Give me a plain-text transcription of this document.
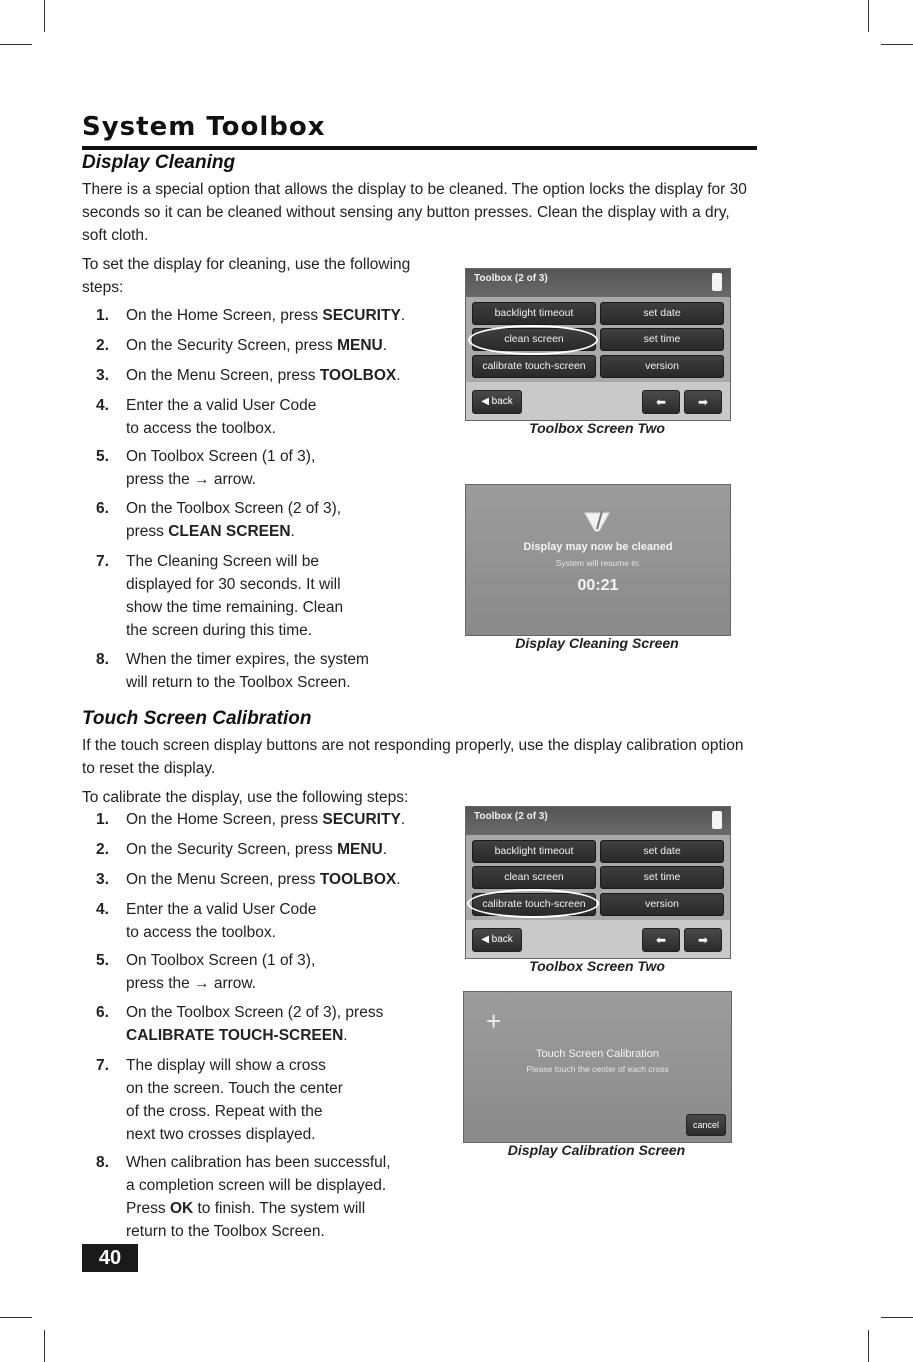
System Toolbox
Display Cleaning
There is a special option that allows the display to be cleaned. The option locks the display for 30 seconds so it can be cleaned without sensing any button presses. Clean the display with a dry, soft cloth.
To set the display for cleaning, use the following steps:
1. On the Home Screen, press SECURITY.
2. On the Security Screen, press MENU.
3. On the Menu Screen, press TOOLBOX.
4. Enter the a valid User Code
to access the toolbox.
5. On Toolbox Screen (1 of 3),
press the → arrow.
6. On the Toolbox Screen (2 of 3),
press CLEAN SCREEN.
7. The Cleaning Screen will be
displayed for 30 seconds. It will
show the time remaining. Clean
the screen during this time.
8. When the timer expires, the system
will return to the Toolbox Screen.
Toolbox (2 of 3)
backlight timeout	set date
clean screen	set time
calibrate touch-screen	version
◀ back	⬅	➡
Toolbox Screen Two
Display may now be cleaned
System will resume in:
00:21
Display Cleaning Screen
Touch Screen Calibration
If the touch screen display buttons are not responding properly, use the display calibration option to reset the display.
To calibrate the display, use the following steps:
1. On the Home Screen, press SECURITY.
2. On the Security Screen, press MENU.
3. On the Menu Screen, press TOOLBOX.
4. Enter the a valid User Code
to access the toolbox.
5. On Toolbox Screen (1 of 3),
press the → arrow.
6. On the Toolbox Screen (2 of 3), press
CALIBRATE TOUCH-SCREEN.
7. The display will show a cross
on the screen. Touch the center
of the cross. Repeat with the
next two crosses displayed.
8. When calibration has been successful,
a completion screen will be displayed.
Press OK to finish. The system will
return to the Toolbox Screen.
Toolbox (2 of 3)
backlight timeout	set date
clean screen	set time
calibrate touch-screen	version
◀ back	⬅	➡
Toolbox Screen Two
+
Touch Screen Calibration
Please touch the center of each cross
cancel
Display Calibration Screen
40
